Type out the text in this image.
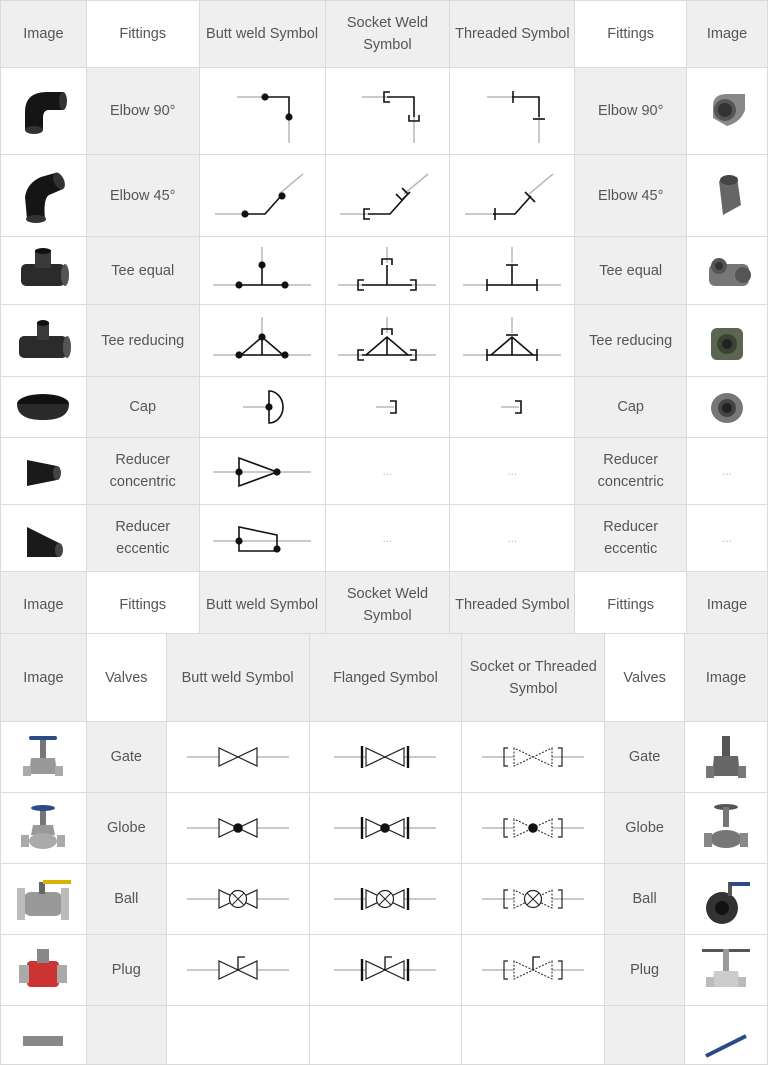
Image	Fittings	Butt weld Symbol	Socket Weld Symbol	Threaded Symbol	Fittings	Image

	Elbow 90°				Elbow 90°	

	Elbow 45°				Elbow 45°	

	Tee equal				Tee equal	

	Tee reducing				Tee reducing	

	Cap				Cap	

	Reducer concentric		...	...	Reducer concentric	...

	Reducer eccentic		...	...	Reducer eccentic	...
Image	Fittings	Butt weld Symbol	Socket Weld Symbol	Threaded Symbol	Fittings	Image
Image	Valves	Butt weld Symbol	Flanged Symbol	Socket or Threaded Symbol	Valves	Image

	Gate				Gate	

	Globe				Globe	

	Ball				Ball	

	Plug				Plug	
